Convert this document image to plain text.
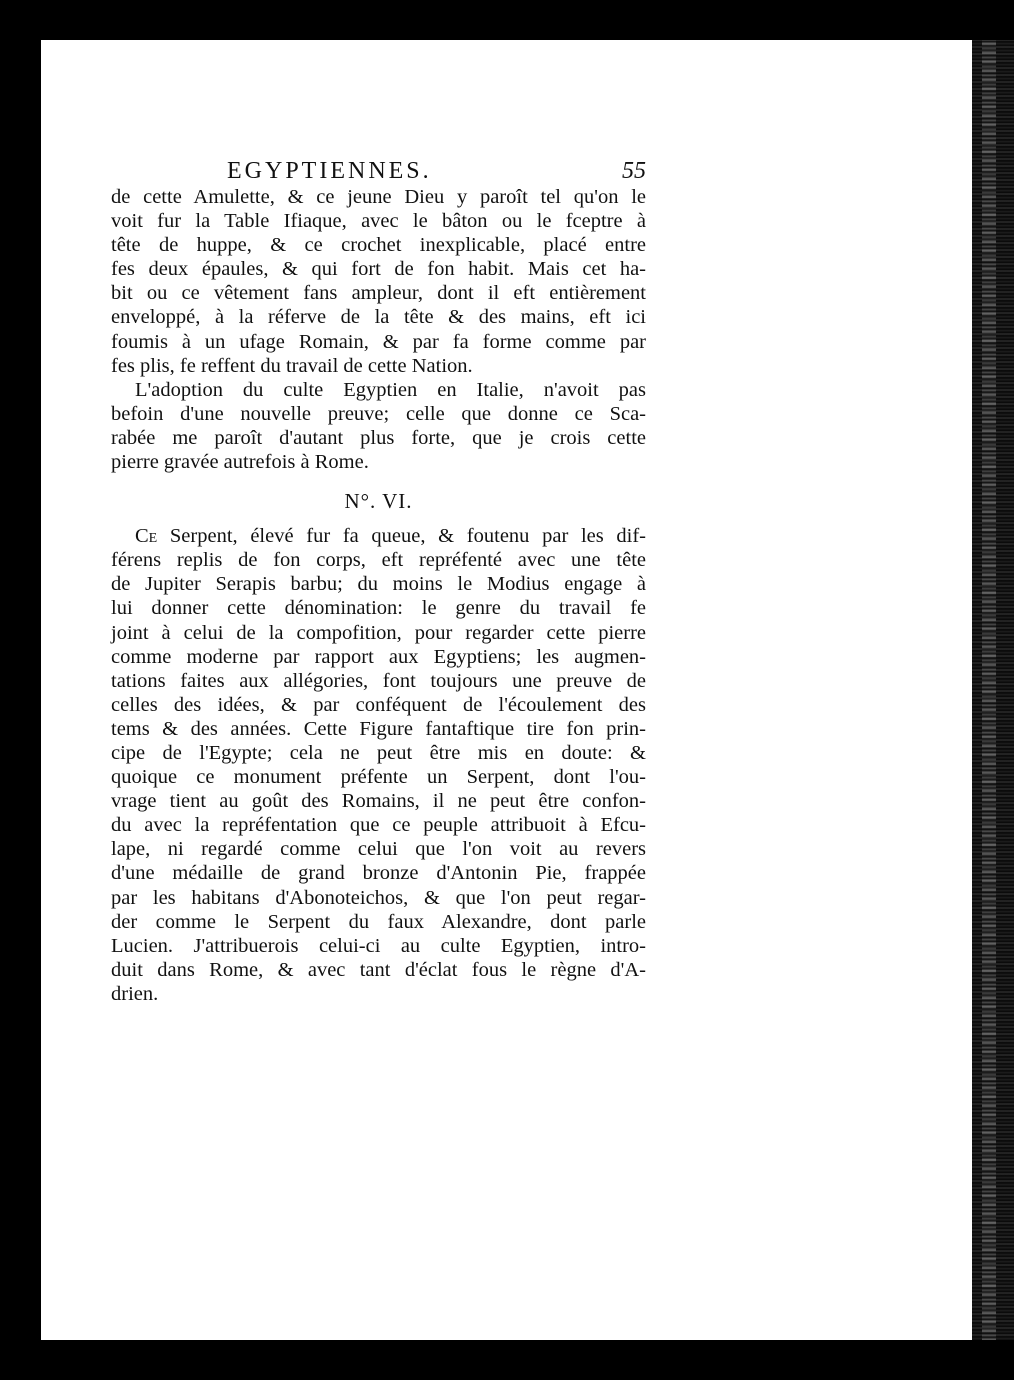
EGYPTIENNES.	55

de cette Amulette, & ce jeune Dieu y paroît tel qu'on le
voit fur la Table Ifiaque, avec le bâton ou le fceptre à
tête de huppe, & ce crochet inexplicable, placé entre
fes deux épaules, & qui fort de fon habit. Mais cet ha-
bit ou ce vêtement fans ampleur, dont il eft entièrement
enveloppé, à la réferve de la tête & des mains, eft ici
foumis à un ufage Romain, & par fa forme comme par
fes plis, fe reffent du travail de cette Nation.

L'adoption du culte Egyptien en Italie, n'avoit pas
befoin d'une nouvelle preuve; celle que donne ce Sca-
rabée me paroît d'autant plus forte, que je crois cette
pierre gravée autrefois à Rome.

N°. VI.

Ce Serpent, élevé fur fa queue, & foutenu par les dif-
férens replis de fon corps, eft repréfenté avec une tête
de Jupiter Serapis barbu; du moins le Modius engage à
lui donner cette dénomination: le genre du travail fe
joint à celui de la compofition, pour regarder cette pierre
comme moderne par rapport aux Egyptiens; les augmen-
tations faites aux allégories, font toujours une preuve de
celles des idées, & par conféquent de l'écoulement des
tems & des années. Cette Figure fantaftique tire fon prin-
cipe de l'Egypte; cela ne peut être mis en doute: &
quoique ce monument préfente un Serpent, dont l'ou-
vrage tient au goût des Romains, il ne peut être confon-
du avec la repréfentation que ce peuple attribuoit à Efcu-
lape, ni regardé comme celui que l'on voit au revers
d'une médaille de grand bronze d'Antonin Pie, frappée
par les habitans d'Abonoteichos, & que l'on peut regar-
der comme le Serpent du faux Alexandre, dont parle
Lucien. J'attribuerois celui-ci au culte Egyptien, intro-
duit dans Rome, & avec tant d'éclat fous le règne d'A-
drien.
